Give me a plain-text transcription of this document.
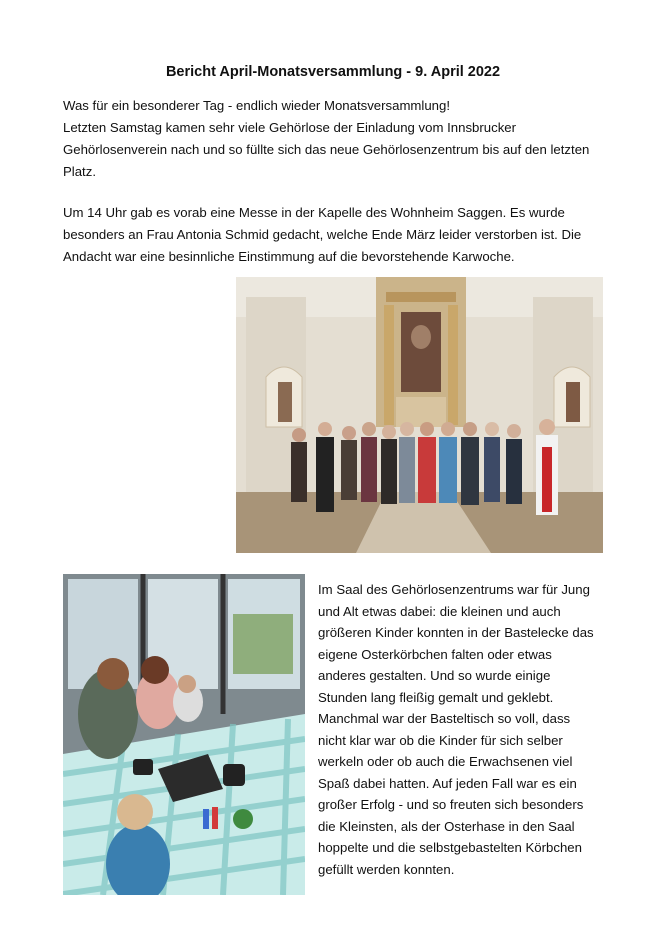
Bericht April-Monatsversammlung - 9. April 2022

Was für ein besonderer Tag - endlich wieder Monatsversammlung!
Letzten Samstag kamen sehr viele Gehörlose der Einladung vom Innsbrucker
Gehörlosenverein nach und so füllte sich das neue Gehörlosenzentrum bis auf den letzten
Platz.

Um 14 Uhr gab es vorab eine Messe in der Kapelle des Wohnheim Saggen. Es wurde
besonders an Frau Antonia Schmid gedacht, welche Ende März leider verstorben ist. Die
Andacht war eine besinnliche Einstimmung auf die bevorstehende Karwoche.

Im Saal des Gehörlosenzentrums war für Jung
und Alt etwas dabei: die kleinen und auch
größeren Kinder konnten in der Bastelecke das
eigene Osterkörbchen falten oder etwas
anderes gestalten. Und so wurde einige
Stunden lang fleißig gemalt und geklebt.
Manchmal war der Basteltisch so voll, dass
nicht klar war ob die Kinder für sich selber
werkeln oder ob auch die Erwachsenen viel
Spaß dabei hatten. Auf jeden Fall war es ein
großer Erfolg - und so freuten sich besonders
die Kleinsten, als der Osterhase in den Saal
hoppelte und die selbstgebastelten Körbchen
gefüllt werden konnten.
